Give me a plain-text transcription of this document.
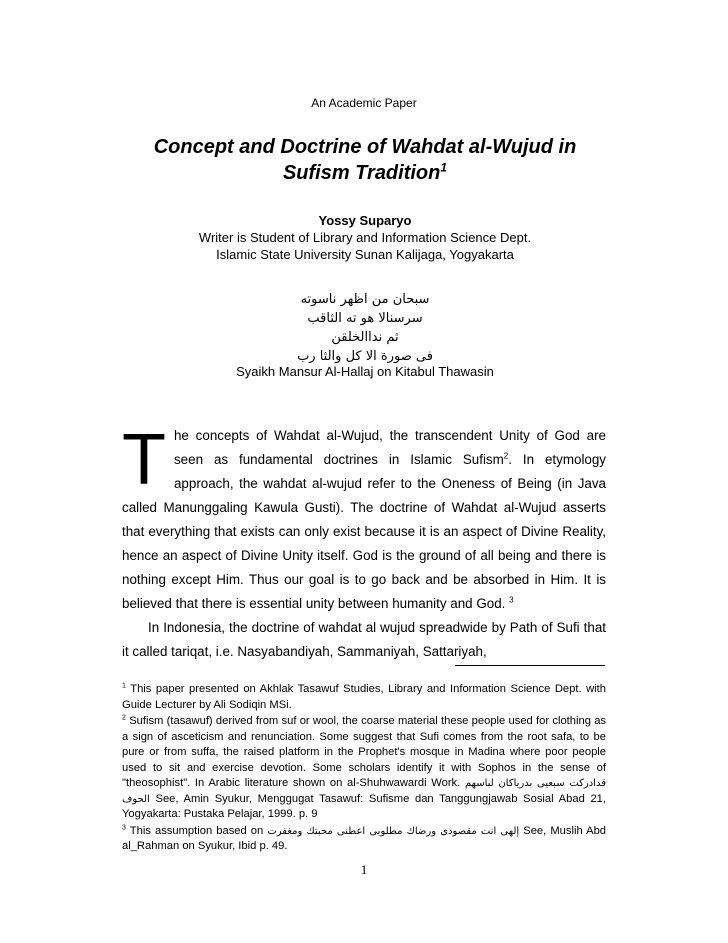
An Academic Paper
Concept and Doctrine of Wahdat al-Wujud in
Sufism Tradition$^1$
Yossy Suparyo
Writer is Student of Library and Information Science Dept.
Islamic State University Sunan Kalijaga, Yogyakarta
سبحان من اظهر ناسوته
سرسنالا هو ته الثاقب
ثم نداالخلقن
فى صورة الا كل والثا رب
Syaikh Mansur Al-Hallaj on Kitabul Thawasin

The concepts of Wahdat al-Wujud, the transcendent Unity of God are seen as fundamental doctrines in Islamic Sufism$^2$. In etymology approach, the wahdat al-wujud refer to the Oneness of Being (in Java called Manunggaling Kawula Gusti). The doctrine of Wahdat al-Wujud asserts that everything that exists can only exist because it is an aspect of Divine Reality, hence an aspect of Divine Unity itself. God is the ground of all being and there is nothing except Him. Thus our goal is to go back and be absorbed in Him. It is believed that there is essential unity between humanity and God. $^3$

In Indonesia, the doctrine of wahdat al wujud spreadwide by Path of Sufi that it called tariqat, i.e. Nasyabandiyah, Sammaniyah, Sattariyah,

$^1$ This paper presented on Akhlak Tasawuf Studies, Library and Information Science Dept. with Guide Lecturer by Ali Sodiqin MSi.

$^2$ Sufism (tasawuf) derived from suf or wool, the coarse material these people used for clothing as a sign of asceticism and renunciation. Some suggest that Sufi comes from the root safa, to be pure or from suffa, the raised platform in the Prophet's mosque in Madina where poor people used to sit and exercise devotion. Some scholars identify it with Sophos in the sense of "theosophist". In Arabic literature shown on al-Shuhwawardi Work. قدادركت سبعيى بدرياكان لباسهم الحوف See, Amin Syukur, Menggugat Tasawuf: Sufisme dan Tanggungjawab Sosial Abad 21, Yogyakarta: Pustaka Pelajar, 1999. p. 9

$^3$ This assumption based on إلهى انت مقصودى ورضاك مطلوبى اعطنى محبتك ومغفرت See, Muslih Abd al_Rahman on Syukur, Ibid p. 49.

1
